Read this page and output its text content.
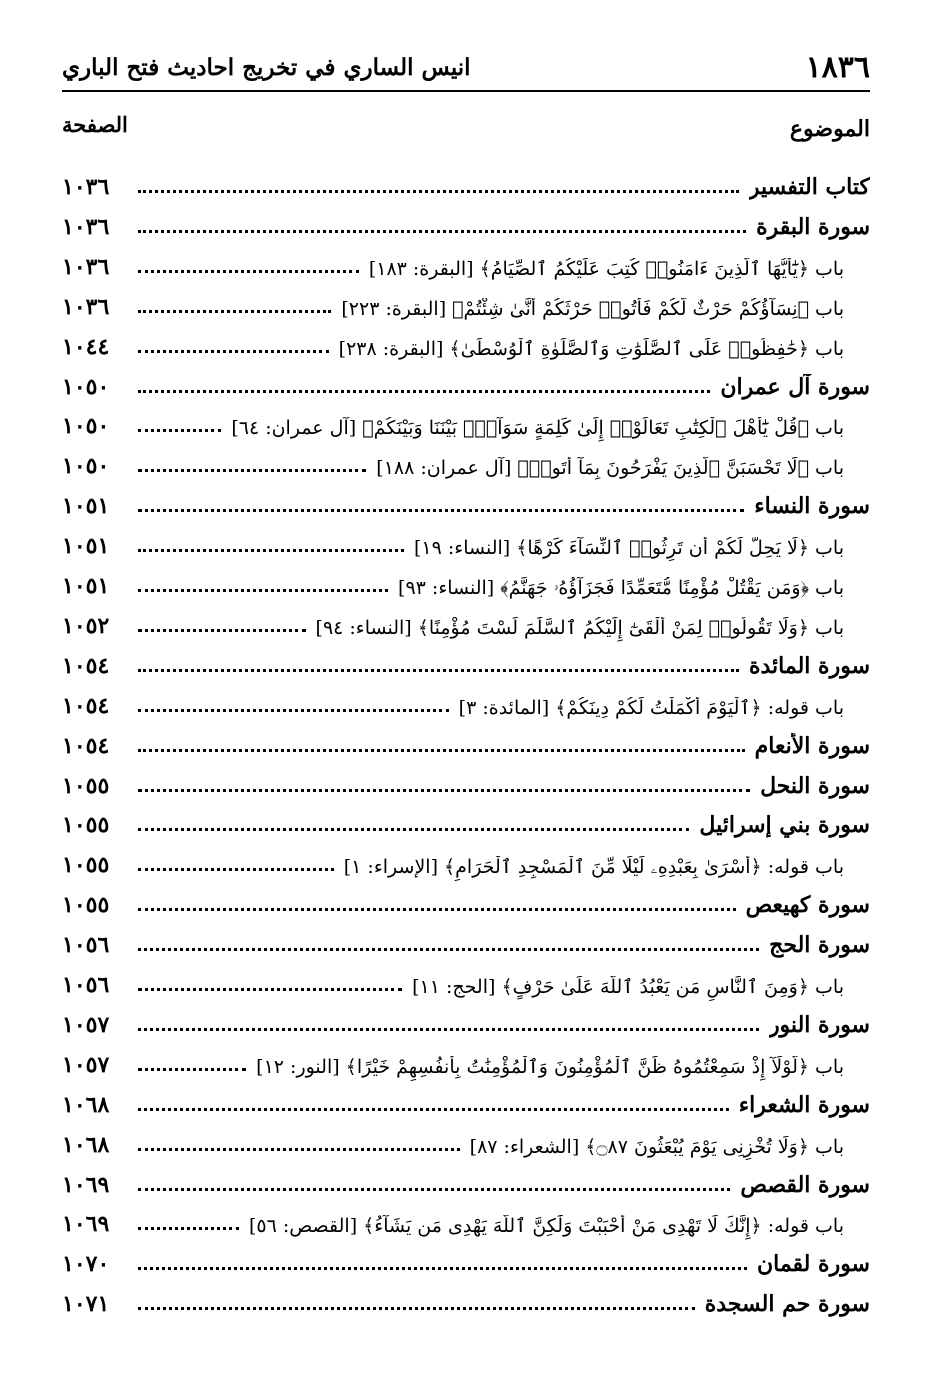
١٨٣٦
انيس الساري في تخريج احاديث فتح الباري
الموضوع
الصفحة
١٠٣٦	كتاب التفسير
١٠٣٦	سورة البقرة
١٠٣٦	باب ﴿يَٰٓأَيُّهَا ٱلَّذِينَ ءَامَنُوا۟ كُتِبَ عَلَيْكُمُ ٱلصِّيَامُ﴾ [البقرة: ١٨٣]
١٠٣٦	باب ﴿نِسَآؤُكُمْ حَرْثٌ لَّكُمْ فَأْتُوا۟ حَرْثَكُمْ أَنَّىٰ شِئْتُمْ﴾ [البقرة: ٢٢٣]
١٠٤٤	باب ﴿حَٰفِظُوا۟ عَلَى ٱلصَّلَوَٰتِ وَٱلصَّلَوٰةِ ٱلْوُسْطَىٰ﴾ [البقرة: ٢٣٨]
١٠٥٠	سورة آل عمران
١٠٥٠	باب ﴿قُلْ يَٰٓأَهْلَ ٱلْكِتَٰبِ تَعَالَوْا۟ إِلَىٰ كَلِمَةٍ سَوَآءٍۭ بَيْنَنَا وَبَيْنَكُمْ﴾ [آل عمران: ٦٤]
١٠٥٠	باب ﴿لَا تَحْسَبَنَّ ٱلَّذِينَ يَفْرَحُونَ بِمَآ أَتَوا۟﴾ [آل عمران: ١٨٨]
١٠٥١	سورة النساء
١٠٥١	باب ﴿لَا يَحِلُّ لَكُمْ أَن تَرِثُوا۟ ٱلنِّسَآءَ كَرْهًا﴾ [النساء: ١٩]
١٠٥١	باب ﴿وَمَن يَقْتُلْ مُؤْمِنًا مُّتَعَمِّدًا فَجَزَآؤُهُۥ جَهَنَّمُ﴾ [النساء: ٩٣]
١٠٥٢	باب ﴿وَلَا تَقُولُوا۟ لِمَنْ أَلْقَىٰٓ إِلَيْكُمُ ٱلسَّلَٰمَ لَسْتَ مُؤْمِنًا﴾ [النساء: ٩٤]
١٠٥٤	سورة المائدة
١٠٥٤	باب قوله: ﴿ٱلْيَوْمَ أَكْمَلْتُ لَكُمْ دِينَكُمْ﴾ [المائدة: ٣]
١٠٥٤	سورة الأنعام
١٠٥٥	سورة النحل
١٠٥٥	سورة بني إسرائيل
١٠٥٥	باب قوله: ﴿أَسْرَىٰ بِعَبْدِهِۦ لَيْلًا مِّنَ ٱلْمَسْجِدِ ٱلْحَرَامِ﴾ [الإسراء: ١]
١٠٥٥	سورة كهيعص
١٠٥٦	سورة الحج
١٠٥٦	باب ﴿وَمِنَ ٱلنَّاسِ مَن يَعْبُدُ ٱللَّهَ عَلَىٰ حَرْفٍ﴾ [الحج: ١١]
١٠٥٧	سورة النور
١٠٥٧	باب ﴿لَّوْلَآ إِذْ سَمِعْتُمُوهُ ظَنَّ ٱلْمُؤْمِنُونَ وَٱلْمُؤْمِنَٰتُ بِأَنفُسِهِمْ خَيْرًا﴾ [النور: ١٢]
١٠٦٨	سورة الشعراء
١٠٦٨	باب ﴿وَلَا تُخْزِنِى يَوْمَ يُبْعَثُونَ ۝٨٧﴾ [الشعراء: ٨٧]
١٠٦٩	سورة القصص
١٠٦٩	باب قوله: ﴿إِنَّكَ لَا تَهْدِى مَنْ أَحْبَبْتَ وَلَٰكِنَّ ٱللَّهَ يَهْدِى مَن يَشَآءُ﴾ [القصص: ٥٦]
١٠٧٠	سورة لقمان
١٠٧١	سورة حم السجدة
